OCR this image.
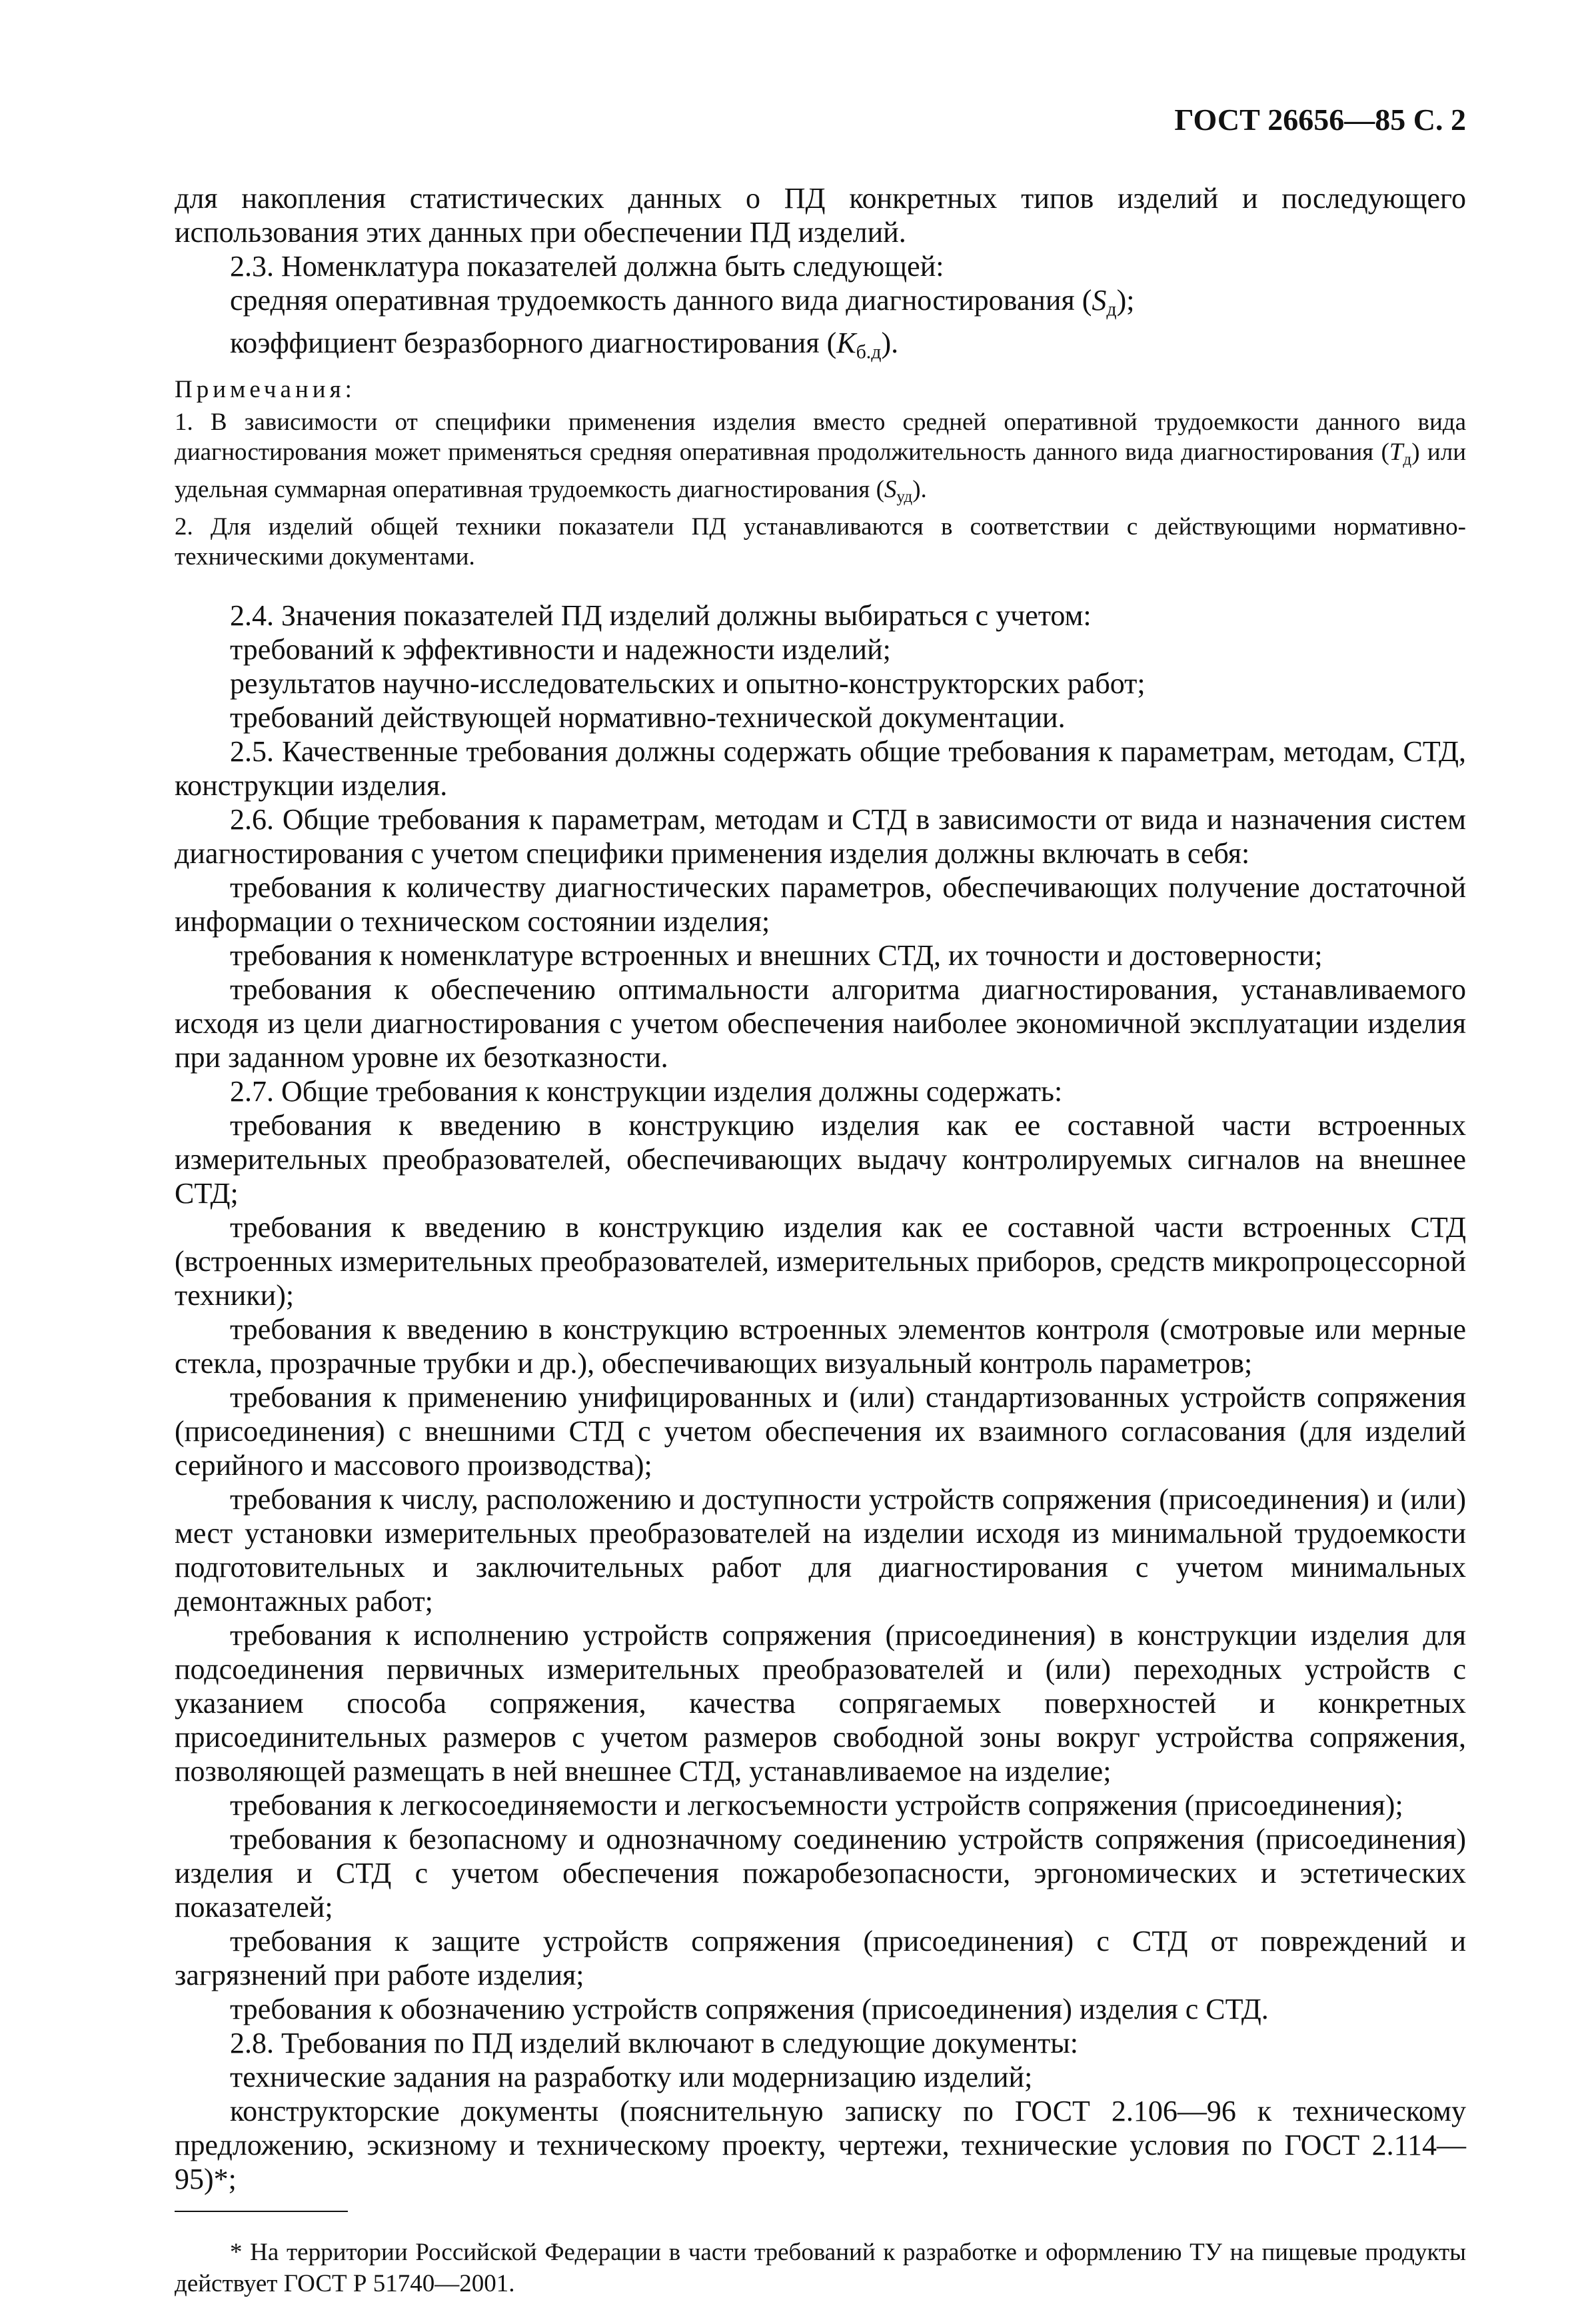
ГОСТ 26656—85 С. 2

для накопления статистических данных о ПД конкретных типов изделий и последующего использования этих данных при обеспечении ПД изделий.

2.3. Номенклатура показателей должна быть следующей:

средняя оперативная трудоемкость данного вида диагностирования $(S_д)$;

коэффициент безразборного диагностирования $(K_{б.д})$.

Примечания:

1. В зависимости от специфики применения изделия вместо средней оперативной трудоемкости данного вида диагностирования может применяться средняя оперативная продолжительность данного вида диагностирования $(T_д)$ или удельная суммарная оперативная трудоемкость диагностирования $(S_{уд})$.

2. Для изделий общей техники показатели ПД устанавливаются в соответствии с действующими нормативно-техническими документами.

2.4. Значения показателей ПД изделий должны выбираться с учетом:

требований к эффективности и надежности изделий;

результатов научно-исследовательских и опытно-конструкторских работ;

требований действующей нормативно-технической документации.

2.5. Качественные требования должны содержать общие требования к параметрам, методам, СТД, конструкции изделия.

2.6. Общие требования к параметрам, методам и СТД в зависимости от вида и назначения систем диагностирования с учетом специфики применения изделия должны включать в себя:

требования к количеству диагностических параметров, обеспечивающих получение достаточной информации о техническом состоянии изделия;

требования к номенклатуре встроенных и внешних СТД, их точности и достоверности;

требования к обеспечению оптимальности алгоритма диагностирования, устанавливаемого исходя из цели диагностирования с учетом обеспечения наиболее экономичной эксплуатации изделия при заданном уровне их безотказности.

2.7. Общие требования к конструкции изделия должны содержать:

требования к введению в конструкцию изделия как ее составной части встроенных измерительных преобразователей, обеспечивающих выдачу контролируемых сигналов на внешнее СТД;

требования к введению в конструкцию изделия как ее составной части встроенных СТД (встроенных измерительных преобразователей, измерительных приборов, средств микропроцессорной техники);

требования к введению в конструкцию встроенных элементов контроля (смотровые или мерные стекла, прозрачные трубки и др.), обеспечивающих визуальный контроль параметров;

требования к применению унифицированных и (или) стандартизованных устройств сопряжения (присоединения) с внешними СТД с учетом обеспечения их взаимного согласования (для изделий серийного и массового производства);

требования к числу, расположению и доступности устройств сопряжения (присоединения) и (или) мест установки измерительных преобразователей на изделии исходя из минимальной трудоемкости подготовительных и заключительных работ для диагностирования с учетом минимальных демонтажных работ;

требования к исполнению устройств сопряжения (присоединения) в конструкции изделия для подсоединения первичных измерительных преобразователей и (или) переходных устройств с указанием способа сопряжения, качества сопрягаемых поверхностей и конкретных присоединительных размеров с учетом размеров свободной зоны вокруг устройства сопряжения, позволяющей размещать в ней внешнее СТД, устанавливаемое на изделие;

требования к легкосоединяемости и легкосъемности устройств сопряжения (присоединения);

требования к безопасному и однозначному соединению устройств сопряжения (присоединения) изделия и СТД с учетом обеспечения пожаробезопасности, эргономических и эстетических показателей;

требования к защите устройств сопряжения (присоединения) с СТД от повреждений и загрязнений при работе изделия;

требования к обозначению устройств сопряжения (присоединения) изделия с СТД.

2.8. Требования по ПД изделий включают в следующие документы:

технические задания на разработку или модернизацию изделий;

конструкторские документы (пояснительную записку по ГОСТ 2.106—96 к техническому предложению, эскизному и техническому проекту, чертежи, технические условия по ГОСТ 2.114—95)*;

* На территории Российской Федерации в части требований к разработке и оформлению ТУ на пищевые продукты действует ГОСТ Р 51740—2001.
